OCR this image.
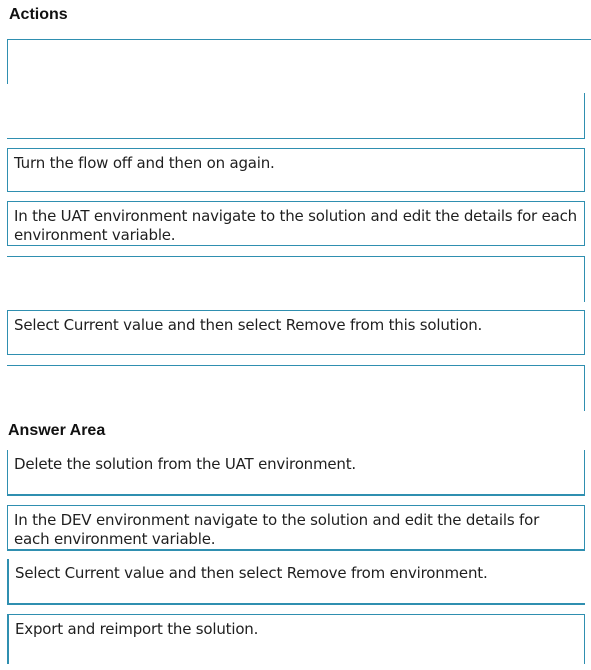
Actions
Turn the flow off and then on again.
In the UAT environment navigate to the solution and edit the details for each environment variable.
Select Current value and then select Remove from this solution.
Answer Area
Delete the solution from the UAT environment.
In the DEV environment navigate to the solution and edit the details for each environment variable.
Select Current value and then select Remove from environment.
Export and reimport the solution.
